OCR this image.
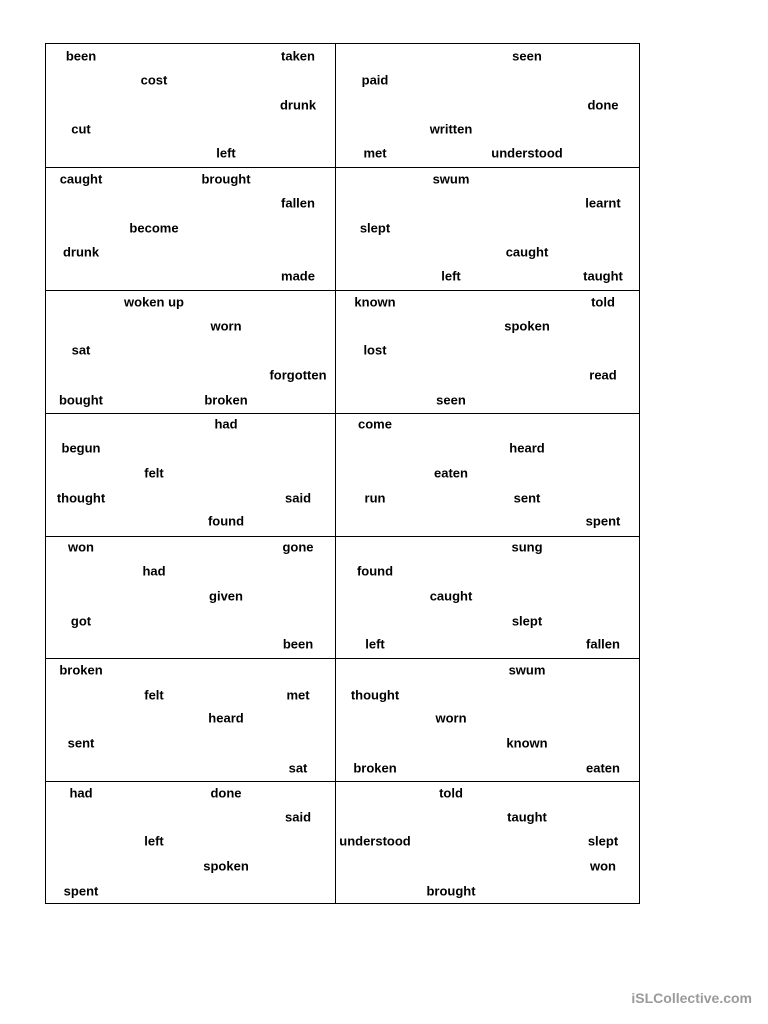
been	taken	seen
cost	paid
drunk	done
cut	written
left	met	understood
caught	brought	swum
fallen	learnt
become	slept
drunk	caught
made	left	taught
woken up	known	told
worn	spoken
sat	lost
forgotten	read
bought	broken	seen
had	come
begun	heard
felt	eaten
thought	said	run	sent
found	spent
won	gone	sung
had	found
given	caught
got	slept
been	left	fallen
broken	swum
felt	met	thought
heard	worn
sent	known
sat	broken	eaten
had	done	told
said	taught
left	understood	slept
spoken	won
spent	brought
iSLCollective.com
